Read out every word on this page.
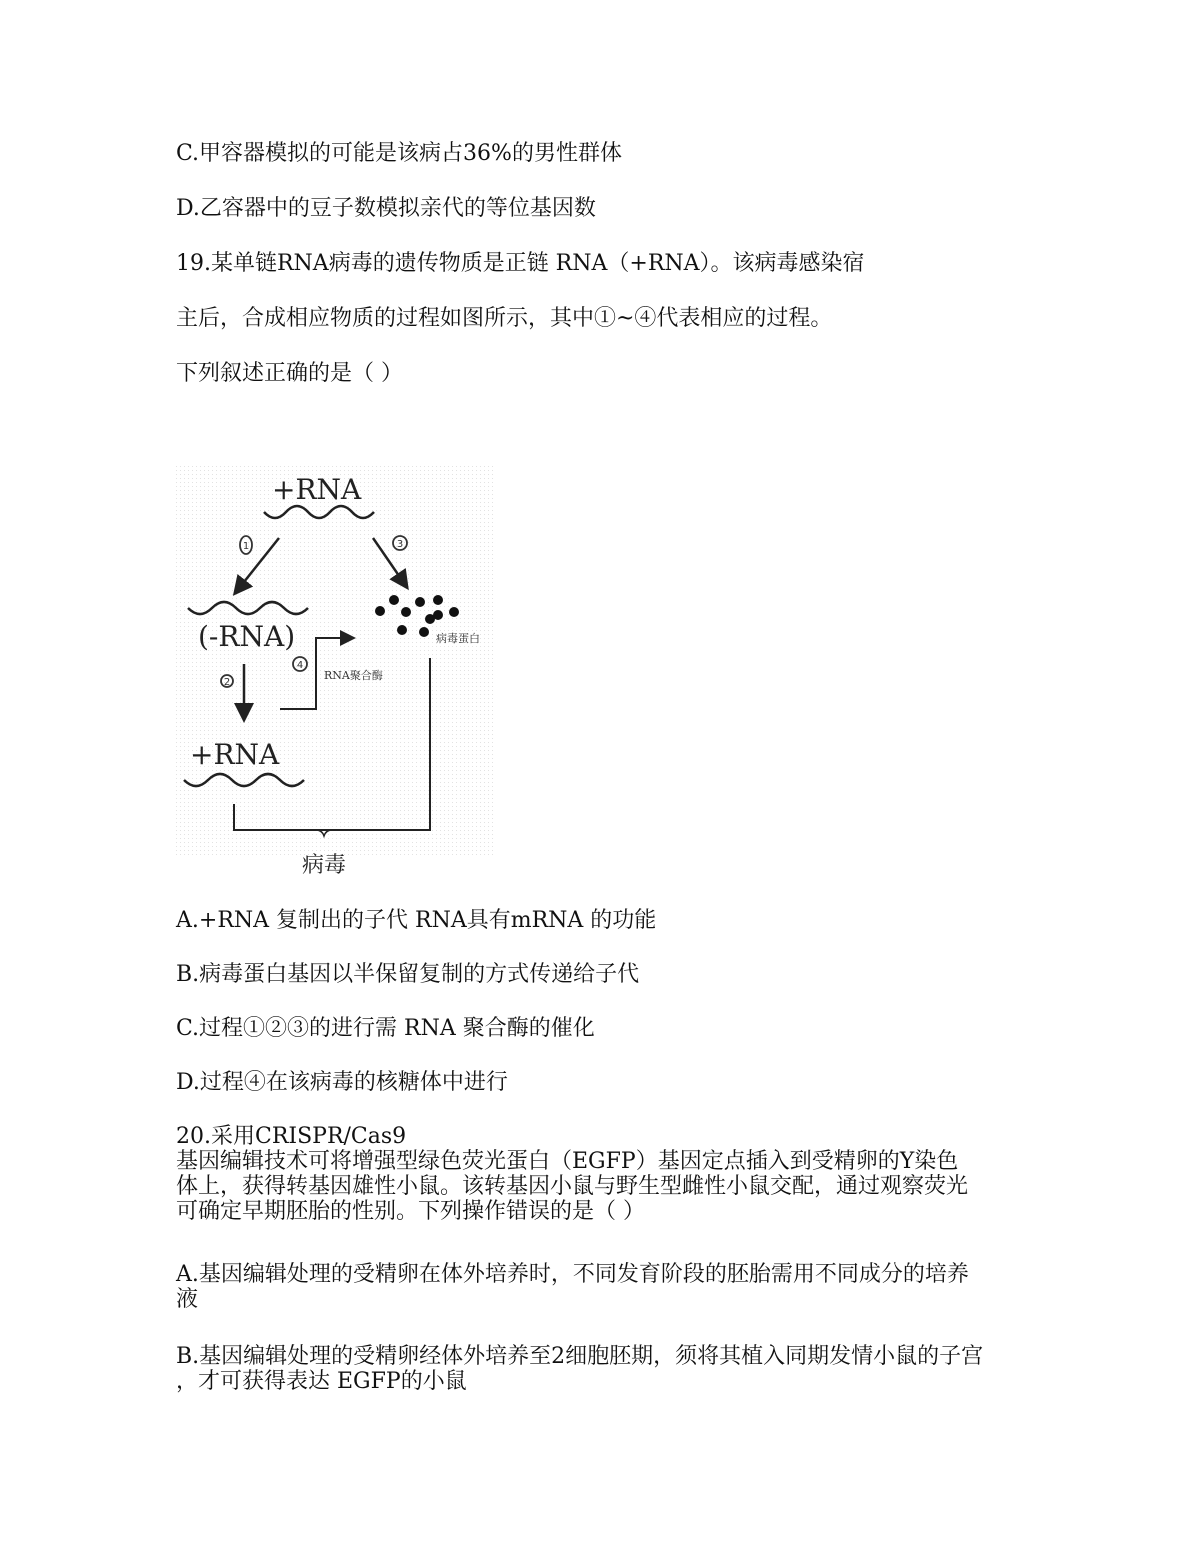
C.甲容器模拟的可能是该病占36%的男性群体

D.乙容器中的豆子数模拟亲代的等位基因数

19.某单链RNA病毒的遗传物质是正链 RNA（+RNA）。该病毒感染宿

主后，合成相应物质的过程如图所示，其中①~④代表相应的过程。

下列叙述正确的是（ ）

+RNA
1	3
病毒蛋白
(-RNA)
2
4
RNA聚合酶
+RNA
病毒

A.+RNA 复制出的子代 RNA具有mRNA 的功能

B.病毒蛋白基因以半保留复制的方式传递给子代

C.过程①②③的进行需 RNA 聚合酶的催化

D.过程④在该病毒的核糖体中进行

20.采用CRISPR/Cas9
基因编辑技术可将增强型绿色荧光蛋白（EGFP）基因定点插入到受精卵的Y染色
体上，获得转基因雄性小鼠。该转基因小鼠与野生型雌性小鼠交配，通过观察荧光
可确定早期胚胎的性别。下列操作错误的是（ ）
A.基因编辑处理的受精卵在体外培养时，不同发育阶段的胚胎需用不同成分的培养
液
B.基因编辑处理的受精卵经体外培养至2细胞胚期，须将其植入同期发情小鼠的子宫
，才可获得表达 EGFP的小鼠
